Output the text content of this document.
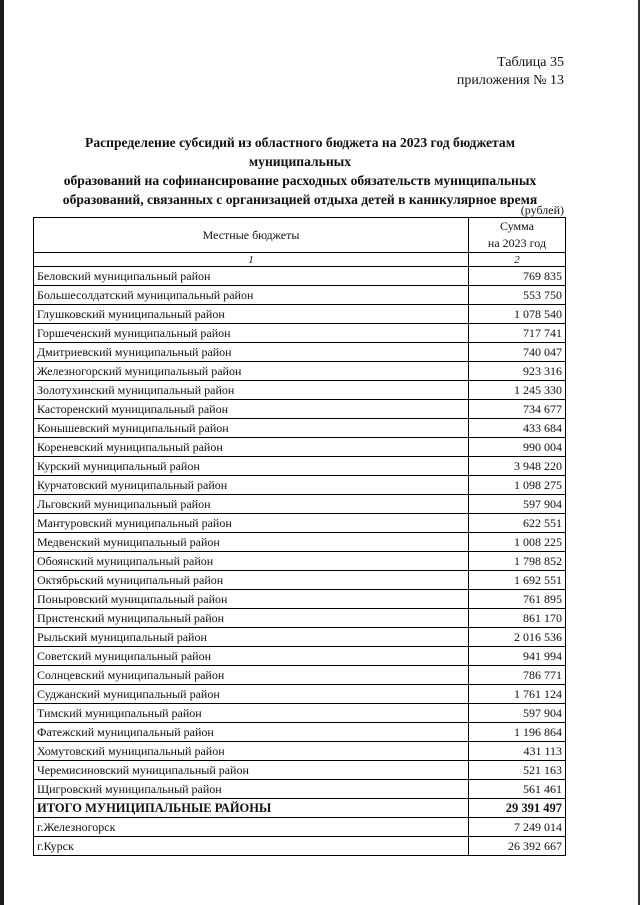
Таблица 35
приложения № 13
Распределение субсидий из областного бюджета на 2023 год бюджетам муниципальных
образований на софинансирование расходных обязательств муниципальных
образований, связанных с организацией отдыха детей в каникулярное время
(рублей)
Местные бюджеты	Сумма
на 2023 год

1	2
Беловский муниципальный район	769 835
Большесолдатский муниципальный район	553 750
Глушковский муниципальный район	1 078 540
Горшеченский муниципальный район	717 741
Дмитриевский муниципальный район	740 047
Железногорский муниципальный район	923 316
Золотухинский муниципальный район	1 245 330
Касторенский муниципальный район	734 677
Конышевский муниципальный район	433 684
Кореневский муниципальный район	990 004
Курский муниципальный район	3 948 220
Курчатовский муниципальный район	1 098 275
Льговский муниципальный район	597 904
Мантуровский муниципальный район	622 551
Медвенский муниципальный район	1 008 225
Обоянский муниципальный район	1 798 852
Октябрьский муниципальный район	1 692 551
Поныровский муниципальный район	761 895
Пристенский муниципальный район	861 170
Рыльский муниципальный район	2 016 536
Советский муниципальный район	941 994
Солнцевский муниципальный район	786 771
Суджанский муниципальный район	1 761 124
Тимский муниципальный район	597 904
Фатежский муниципальный район	1 196 864
Хомутовский муниципальный район	431 113
Черемисиновский муниципальный район	521 163
Щигровский муниципальный район	561 461
ИТОГО МУНИЦИПАЛЬНЫЕ РАЙОНЫ	29 391 497
г.Железногорск	7 249 014
г.Курск	26 392 667
